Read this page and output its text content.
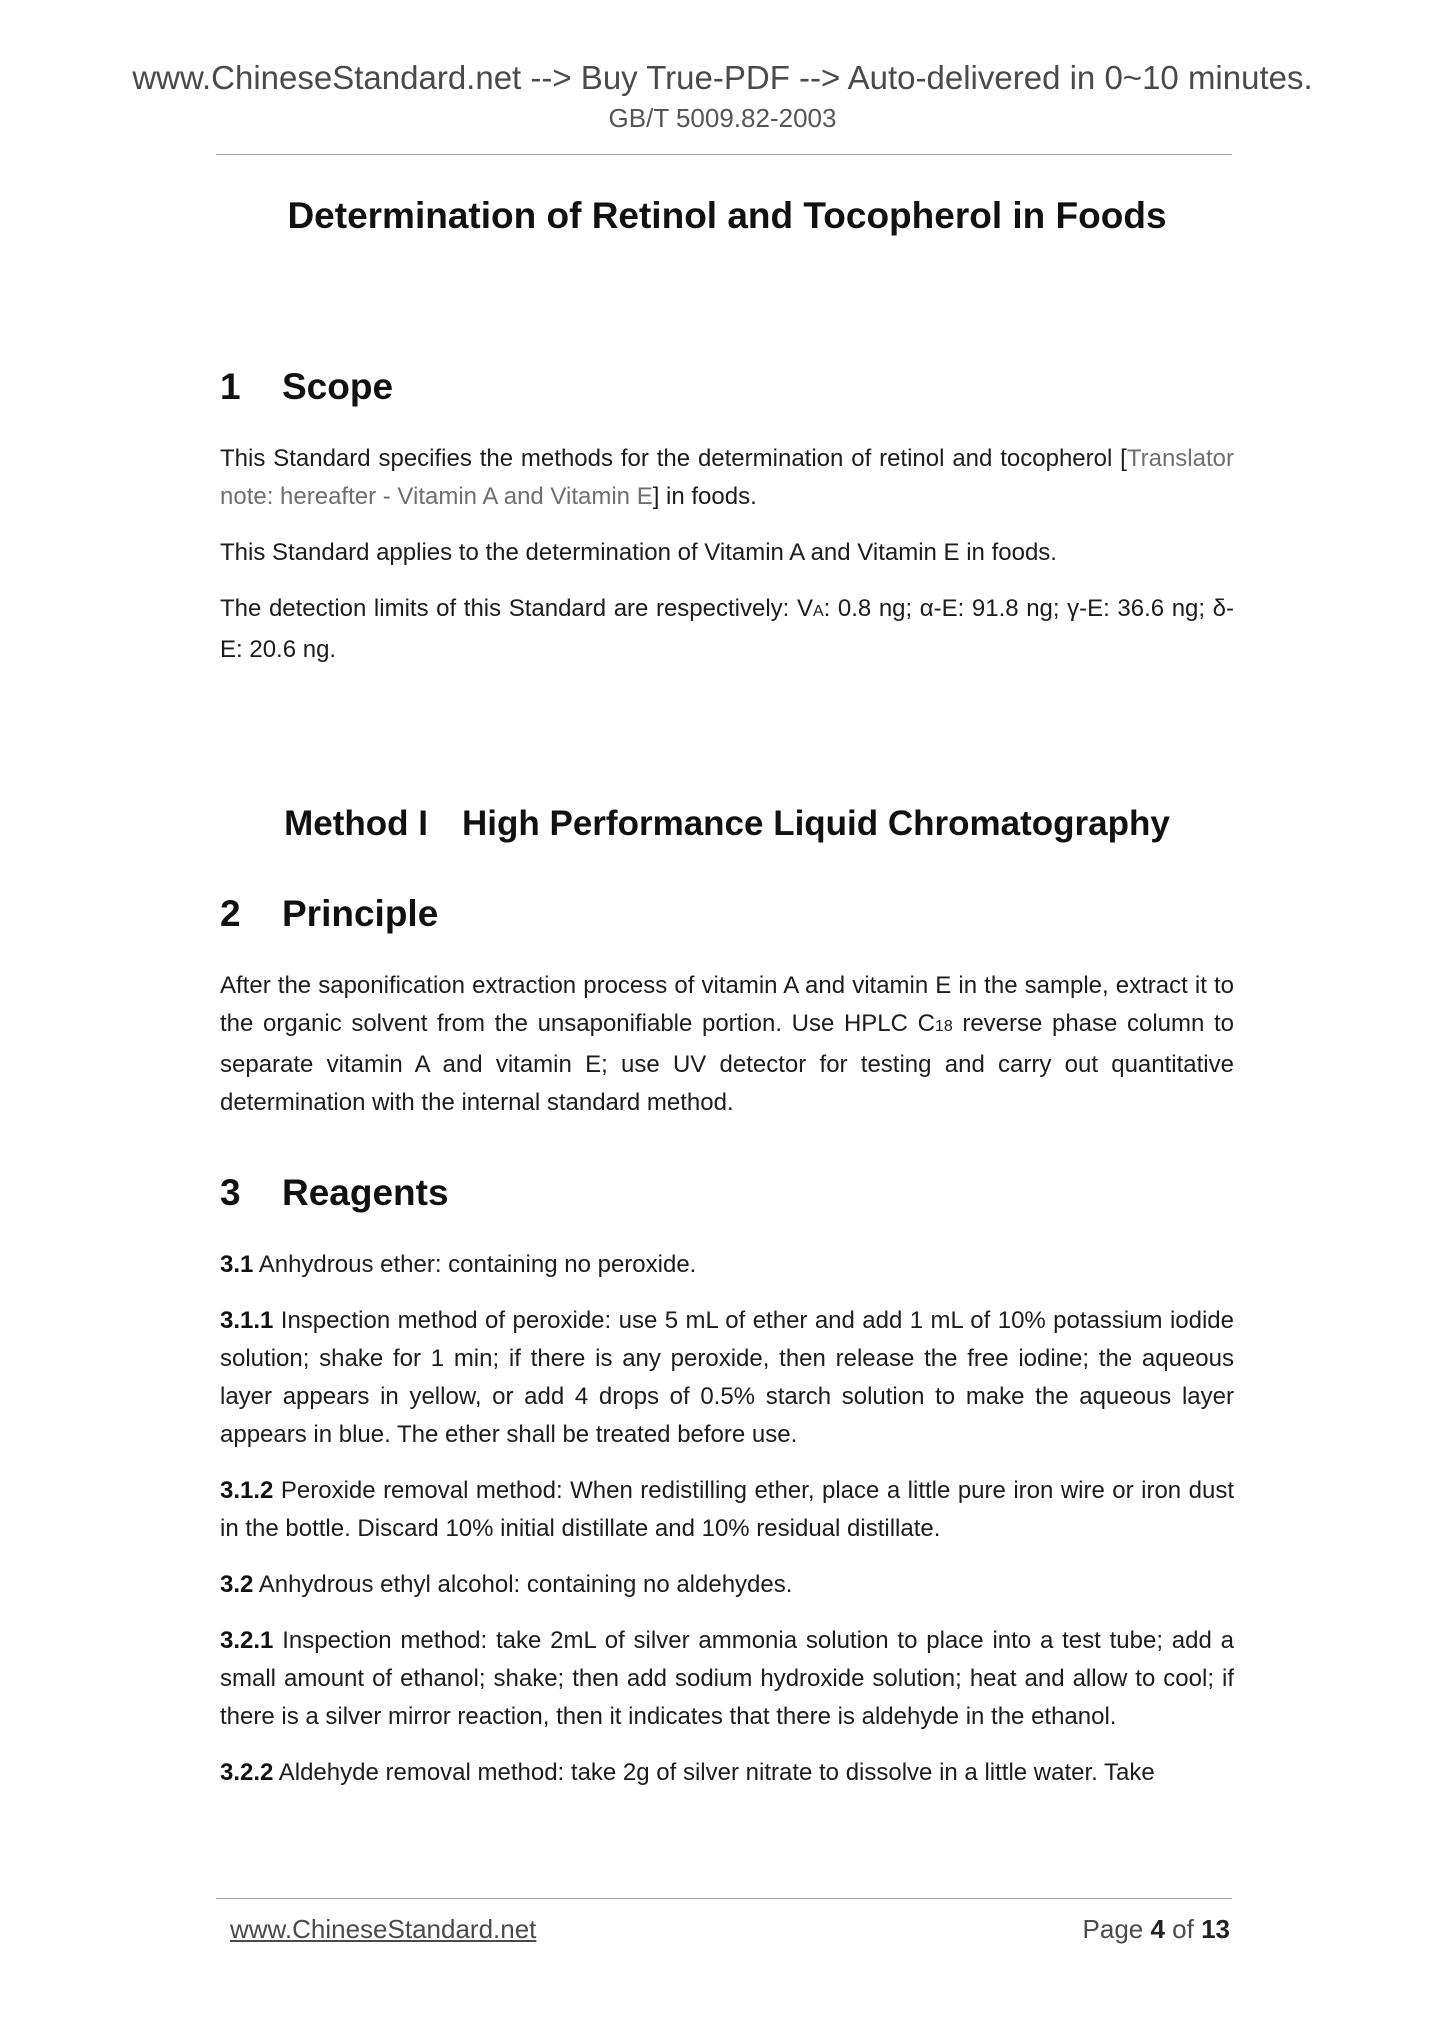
www.ChineseStandard.net --> Buy True-PDF --> Auto-delivered in 0~10 minutes.
GB/T 5009.82-2003
Determination of Retinol and Tocopherol in Foods
1 Scope

This Standard specifies the methods for the determination of retinol and tocopherol [Translator note: hereafter - Vitamin A and Vitamin E] in foods.

This Standard applies to the determination of Vitamin A and Vitamin E in foods.

The detection limits of this Standard are respectively: VA: 0.8 ng; α-E: 91.8 ng; γ-E: 36.6 ng; δ-E: 20.6 ng.

Method I High Performance Liquid Chromatography
2 Principle

After the saponification extraction process of vitamin A and vitamin E in the sample, extract it to the organic solvent from the unsaponifiable portion. Use HPLC C18 reverse phase column to separate vitamin A and vitamin E; use UV detector for testing and carry out quantitative determination with the internal standard method.

3 Reagents

3.1 Anhydrous ether: containing no peroxide.

3.1.1 Inspection method of peroxide: use 5 mL of ether and add 1 mL of 10% potassium iodide solution; shake for 1 min; if there is any peroxide, then release the free iodine; the aqueous layer appears in yellow, or add 4 drops of 0.5% starch solution to make the aqueous layer appears in blue. The ether shall be treated before use.

3.1.2 Peroxide removal method: When redistilling ether, place a little pure iron wire or iron dust in the bottle. Discard 10% initial distillate and 10% residual distillate.

3.2 Anhydrous ethyl alcohol: containing no aldehydes.

3.2.1 Inspection method: take 2mL of silver ammonia solution to place into a test tube; add a small amount of ethanol; shake; then add sodium hydroxide solution; heat and allow to cool; if there is a silver mirror reaction, then it indicates that there is aldehyde in the ethanol.

3.2.2 Aldehyde removal method: take 2g of silver nitrate to dissolve in a little water. Take

www.ChineseStandard.net	Page 4 of 13
